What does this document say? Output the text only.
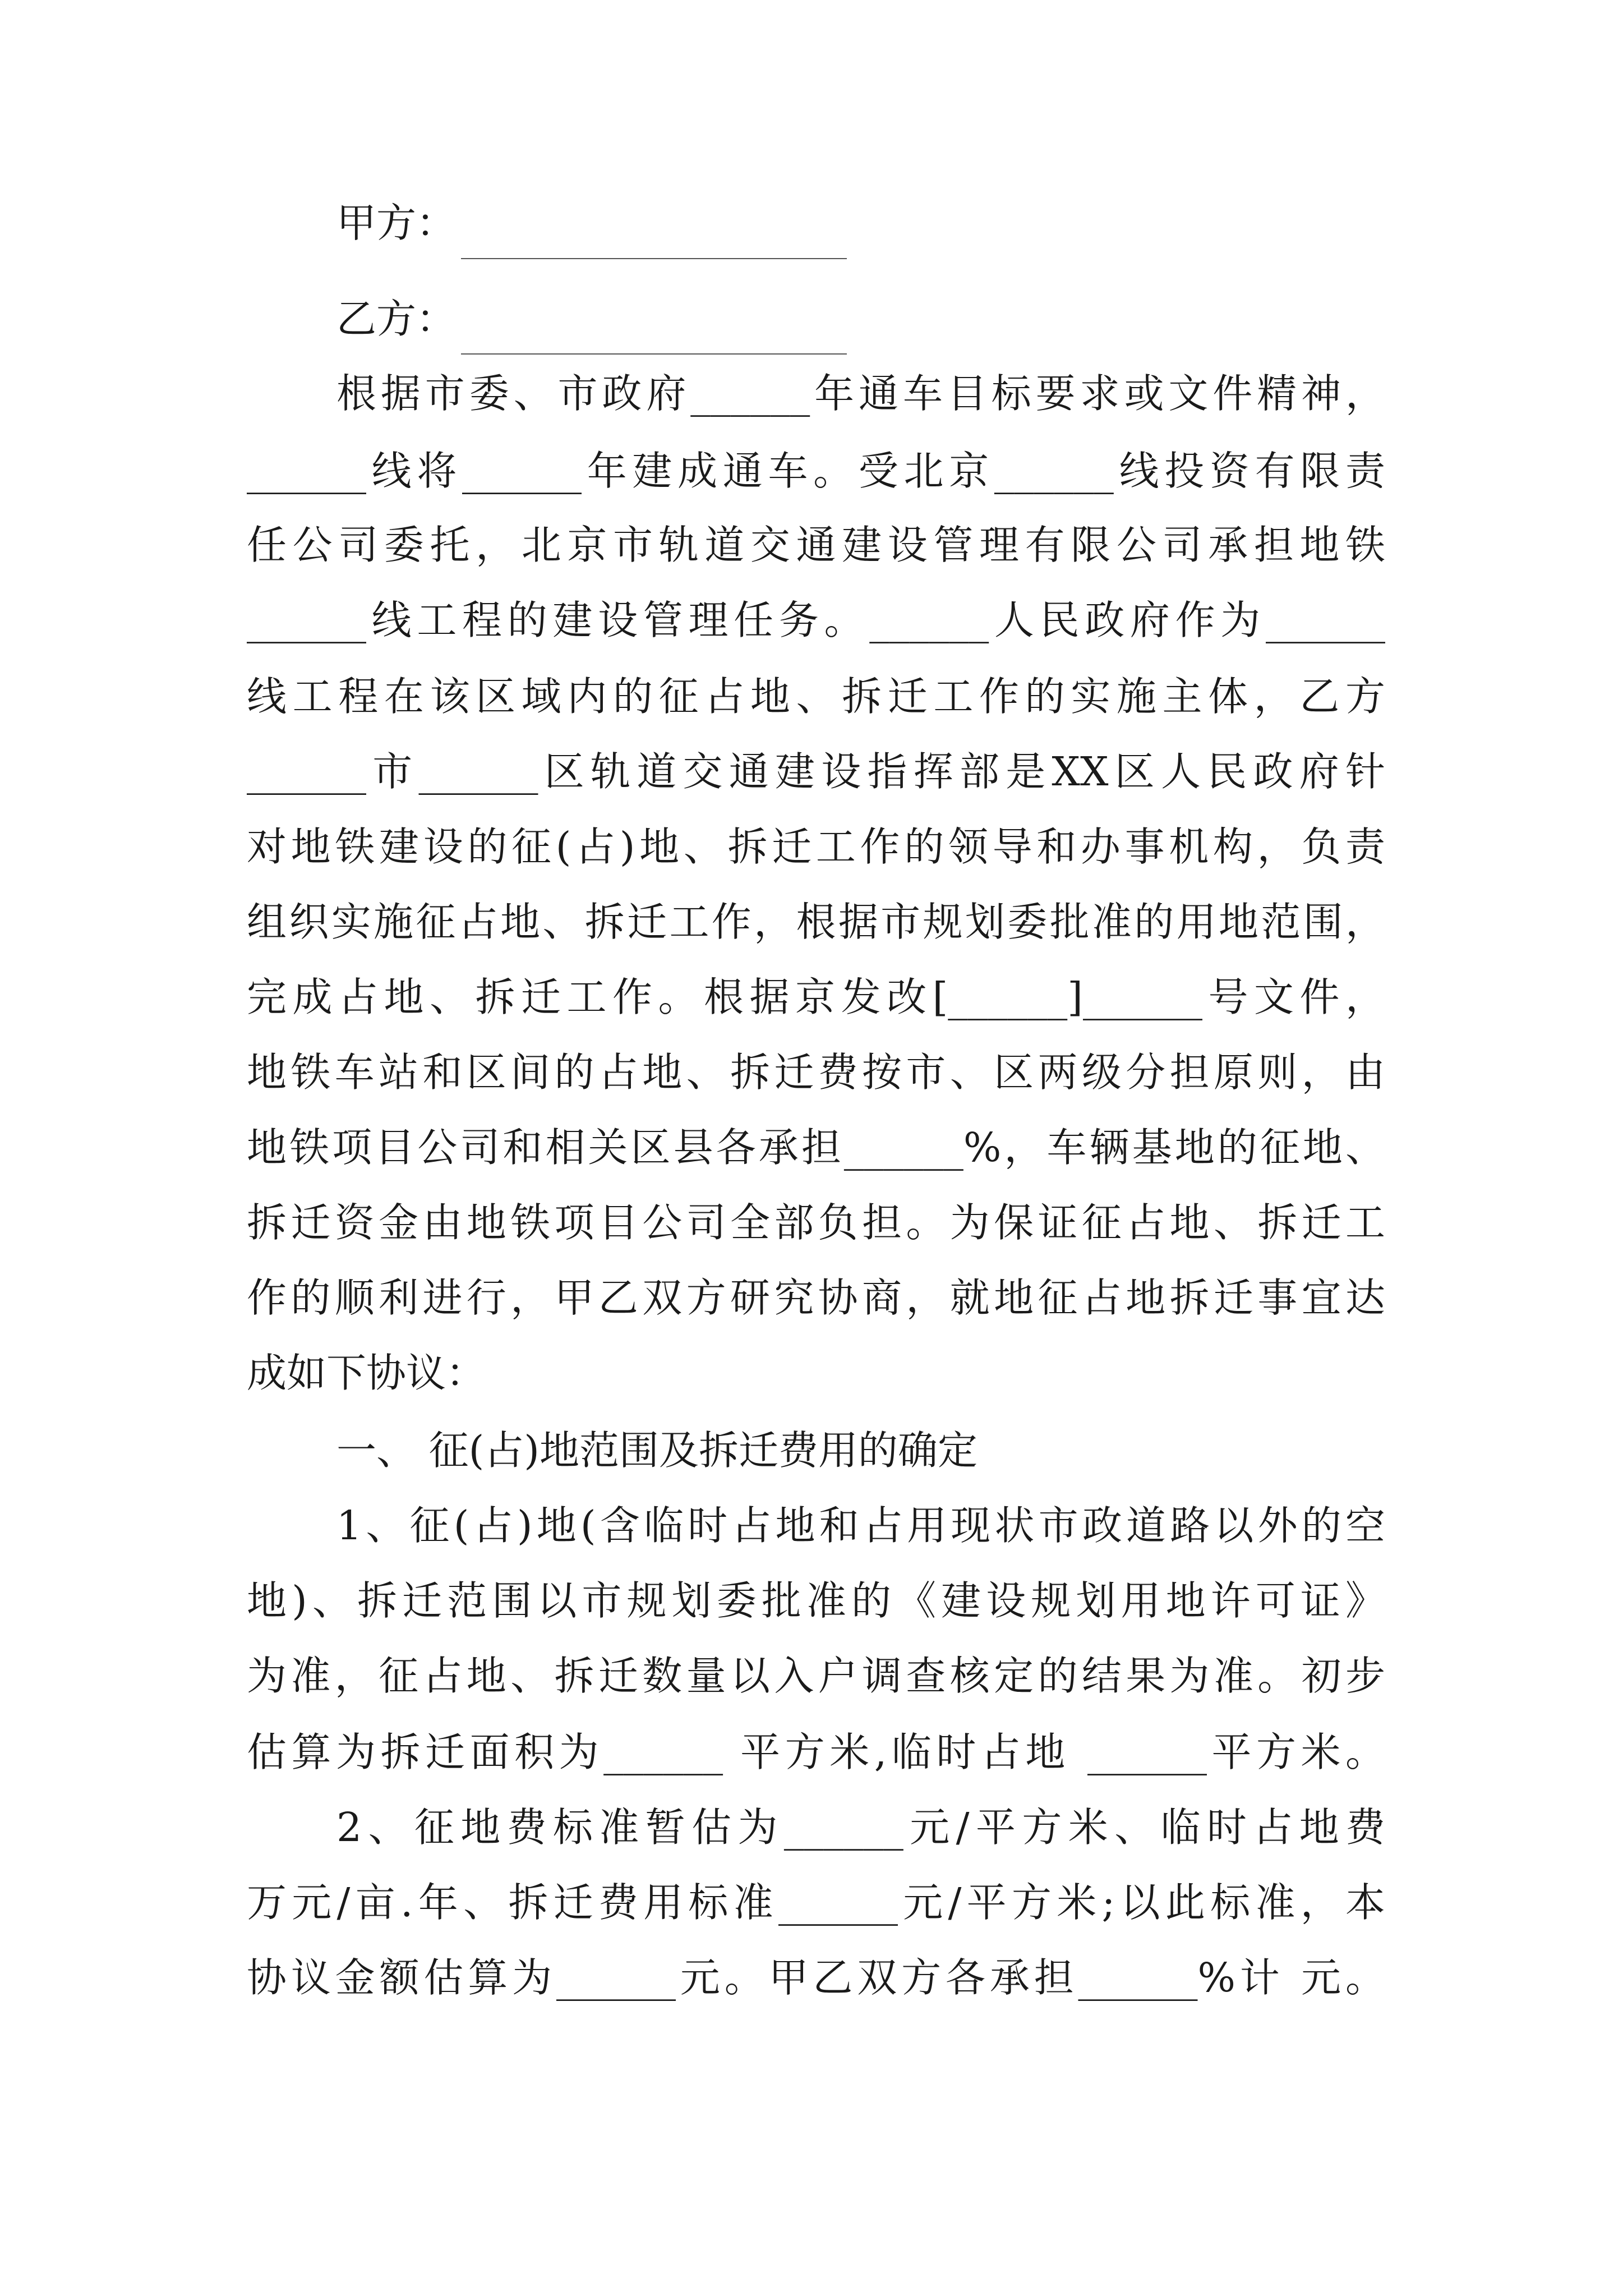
甲方：
乙方：
根据市委、市政府______年通车目标要求或文件精神，
______线将______年建成通车。受北京______线投资有限责
任公司委托，北京市轨道交通建设管理有限公司承担地铁
______线工程的建设管理任务。______人民政府作为______
线工程在该区域内的征占地、拆迁工作的实施主体，乙方
______市______区轨道交通建设指挥部是XX区人民政府针
对地铁建设的征(占)地、拆迁工作的领导和办事机构，负责
组织实施征占地、拆迁工作，根据市规划委批准的用地范围，
完成占地、拆迁工作。根据京发改[______]______号文件，
地铁车站和区间的占地、拆迁费按市、区两级分担原则，由
地铁项目公司和相关区县各承担______%，车辆基地的征地、
拆迁资金由地铁项目公司全部负担。为保证征占地、拆迁工
作的顺利进行，甲乙双方研究协商，就地征占地拆迁事宜达
成如下协议：
一、 征(占)地范围及拆迁费用的确定
1、征(占)地(含临时占地和占用现状市政道路以外的空
地)、拆迁范围以市规划委批准的《建设规划用地许可证》
为准，征占地、拆迁数量以入户调查核定的结果为准。初步
估算为拆迁面积为______ 平方米,临时占地 ______平方米。
2、征地费标准暂估为______元/平方米、临时占地费
万元/亩.年、拆迁费用标准______元/平方米;以此标准，本
协议金额估算为______元。甲乙双方各承担______%计 元。
